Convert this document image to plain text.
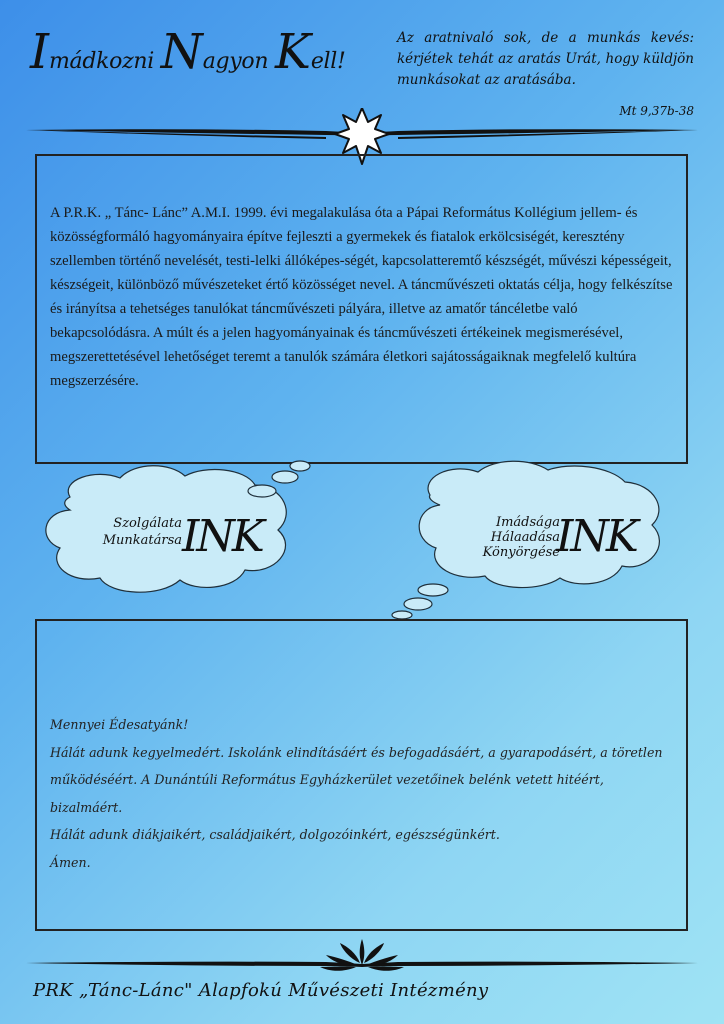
Imádkozni Nagyon Kell!
Az aratnivaló sok, de a munkás kevés: kérjétek tehát az aratás Urát, hogy küldjön munkásokat az aratásába.
Mt 9,37b-38

A P.R.K. „ Tánc- Lánc” A.M.I. 1999. évi megalakulása óta a Pápai Református Kollégium jellem- és közösségformáló hagyományaira építve fejleszti a gyermekek és fiatalok erkölcsiségét, keresztény szellemben történő nevelését, testi-lelki állóképes-ségét, kapcsolatteremtő készségét, művészi képességeit, készségeit, különböző művészeteket értő közösséget nevel. A táncművészeti oktatás célja, hogy felkészítse és irányítsa a tehetséges tanulókat táncművészeti pályára, illetve az amatőr táncéletbe való bekapcsolódásra. A múlt és a jelen hagyományainak és táncművészeti értékeinek megismerésével, megszerettetésével lehetőséget teremt a tanulók számára életkori sajátosságaiknak megfelelő kultúra megszerzésére.

Szolgálata
Munkatársa INK	Imádsága
Hálaadása
Könyörgése
INK
Mennyei Édesatyánk!
Hálát adunk kegyelmedért. Iskolánk elindításáért és befogadásáért, a gyarapodásért, a töretlen működéséért. A Dunántúli Református Egyházkerület vezetőinek belénk vetett hitéért, bizalmáért.
Hálát adunk diákjaikért, családjaikért, dolgozóinkért, egészségünkért.
Ámen.
PRK „Tánc-Lánc" Alapfokú Művészeti Intézmény
